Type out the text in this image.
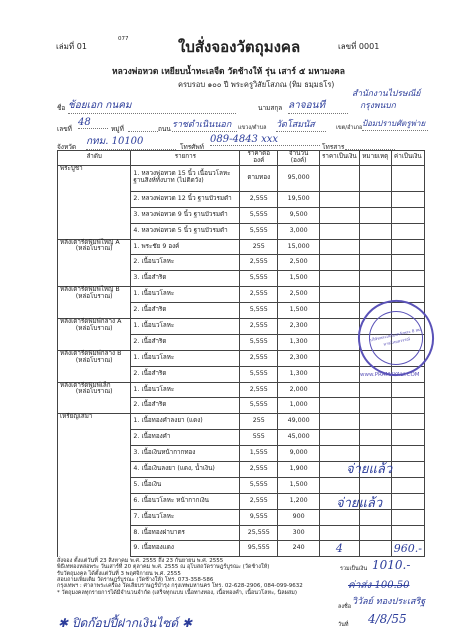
เล่มที่ 01
077	ใบสั่งจองวัตถุมงคล	เลขที่ 0001
หลวงพ่อหวด เหยียบน้ำทะเลจืด วัดช้างให้ รุ่น เสาร์ ๕ มหามงคล
ครบรอบ ๑๐๐ ปี พระครูวิสัยโสภณ (ทิม ธมฺมธโร)
ชื่อ ช้อยเอก กนคม	นามสกุล ลาจอนที
สำนักงานไปรษณีย์
กรุงพนบก
เลขที่
48
หมู่ที่	ถนน ราชดำเนินนอก	แขวง/ตำบล วัดโสมนัส	เขต/อำเภอ ป้อมปราบศัตรูพ่าย
จังหวัด กทม. 10100	โทรศัพท์
089-4843 xxx
โทรสาร
ลำดับ	รายการ	ราคาต่อองค์	จำนวน (องค์)	ราคาเป็นเงิน	หมายเหตุ	ค่าเป็นเงิน

พระบูชา	1. หลวงพ่อทวด 15 นิ้ว เนื้อนวโลหะ ฐานสิงห์ทั้งบาท (ไม่ติดวัง)	ตามทอง	95,000			
	2. หลวงพ่อทวด 12 นิ้ว ฐานบัวรมดำ	2,555	19,500			
	3. หลวงพ่อทวด 9 นิ้ว ฐานบัวรมดำ	5,555	9,500			
	4. หลวงพ่อทวด 5 นิ้ว ฐานบัวรมดำ	5,555	3,000			

หลังเตารีดพิมพ์ใหญ่ A
(หล่อโบราณ)	1. พระชัย 9 องค์	255	15,000			
	2. เนื้อนวโลหะ	2,555	2,500			
	3. เนื้อสำริด	5,555	1,500			

หลังเตารีดพิมพ์ใหญ่ B
(หล่อโบราณ)	1. เนื้อนวโลหะ	2,555	2,500			
	2. เนื้อสำริด	5,555	1,500			

หลังเตารีดพิมพ์กลาง A
(หล่อโบราณ)	1. เนื้อนวโลหะ	2,555	2,300			
	2. เนื้อสำริด	5,555	1,300			

หลังเตารีดพิมพ์กลาง B
(หล่อโบราณ)	1. เนื้อนวโลหะ	2,555	2,300			
	2. เนื้อสำริด	5,555	1,300			

หลังเตารีดพิมพ์เล็ก
(หล่อโบราณ)	1. เนื้อนวโลหะ	2,555	2,000			
	2. เนื้อสำริด	5,555	1,000			

เหรียญเสมา	1. เนื้อทองคำลงยา (แดง)	255	49,000			
	2. เนื้อทองคำ	555	45,000			
	3. เนื้อเงินหน้ากากทอง	1,555	9,000			
	4. เนื้อเงินลงยา (แดง, น้ำเงิน)	2,555	1,900			
	5. เนื้อเงิน	5,555	1,500			
	6. เนื้อนวโลหะ หน้ากากเงิน	2,555	1,200			
	7. เนื้อนวโลหะ	9,555	900			
	8. เนื้อทองฝาบาตร	25,555	300			
	9. เนื้อทองแดง	95,555	240	4		960.-
บริษัทพระเครื่องคลังพระ 8 สมหาดไทยสวรรณ์
www.PRAMAYALI.COM
จ่ายแล้ว
จ่ายแล้ว
รวมเป็นเงิน 1010.-
ค่าส่ง 100.50
ลงชื่อ วิวัลย์ ทองประเสริฐ
วันที่ 4/8/55
สั่งจอง ตั้งแต่วันที่ 23 สิงหาคม พ.ศ. 2555 ถึง 23 กันยายน พ.ศ. 2555
พิธีเททองหล่อพระ วันเสาร์ที่ 20 ตุลาคม พ.ศ. 2555 ณ อุโบสถวัดราษฎร์บูรณะ (วัดช้างให้)
รับวัตถุมงคล ได้ตั้งแต่วันที่ 3 พฤศจิกายน พ.ศ. 2555
สอบถามเพิ่มเติม วัดราษฎร์บูรณะ (วัดช้างให้) โทร. 073-358-586
กรุงเทพฯ : ศาลาพระเครื่อง วัดเลียบราษฎร์บำรุง กรุงเทพมหานคร โทร. 02-628-2906, 084-099-9632
* วัตถุมงคลทุกรายการได้มีจำนวนจำกัด (เสร็จทุกแบบ เนื้อทางทอง, เนื้อทองคำ, เนื้อนวโลหะ, นิลผสม)
✱ ปิดก๊อปปี้ฝากเงินไซด์ ✱
